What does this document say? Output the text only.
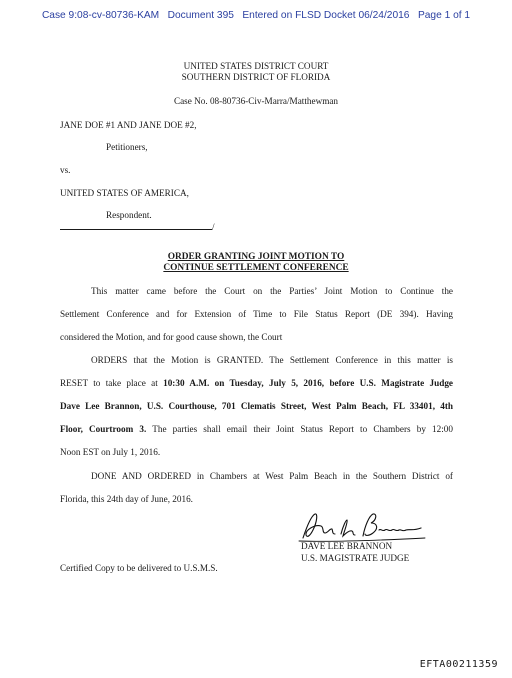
Case 9:08-cv-80736-KAM   Document 395   Entered on FLSD Docket 06/24/2016   Page 1 of 1
UNITED STATES DISTRICT COURT
SOUTHERN DISTRICT OF FLORIDA
Case No. 08-80736-Civ-Marra/Matthewman
JANE DOE #1 AND JANE DOE #2,
Petitioners,
vs.
UNITED STATES OF AMERICA,
Respondent.
/
ORDER GRANTING JOINT MOTION TO
CONTINUE SETTLEMENT CONFERENCE
This matter came before the Court on the Parties’ Joint Motion to Continue the
Settlement Conference and for Extension of Time to File Status Report (DE 394). Having
considered the Motion, and for good cause shown, the Court
ORDERS that the Motion is GRANTED. The Settlement Conference in this matter is
RESET to take place at 10:30 A.M. on Tuesday, July 5, 2016, before U.S. Magistrate Judge
Dave Lee Brannon, U.S. Courthouse, 701 Clematis Street, West Palm Beach, FL 33401, 4th
Floor, Courtroom 3. The parties shall email their Joint Status Report to Chambers by 12:00
Noon EST on July 1, 2016.
DONE AND ORDERED in Chambers at West Palm Beach in the Southern District of
Florida, this 24th day of June, 2016.
DAVE LEE BRANNON
U.S. MAGISTRATE JUDGE
Certified Copy to be delivered to U.S.M.S.
EFTA00211359
